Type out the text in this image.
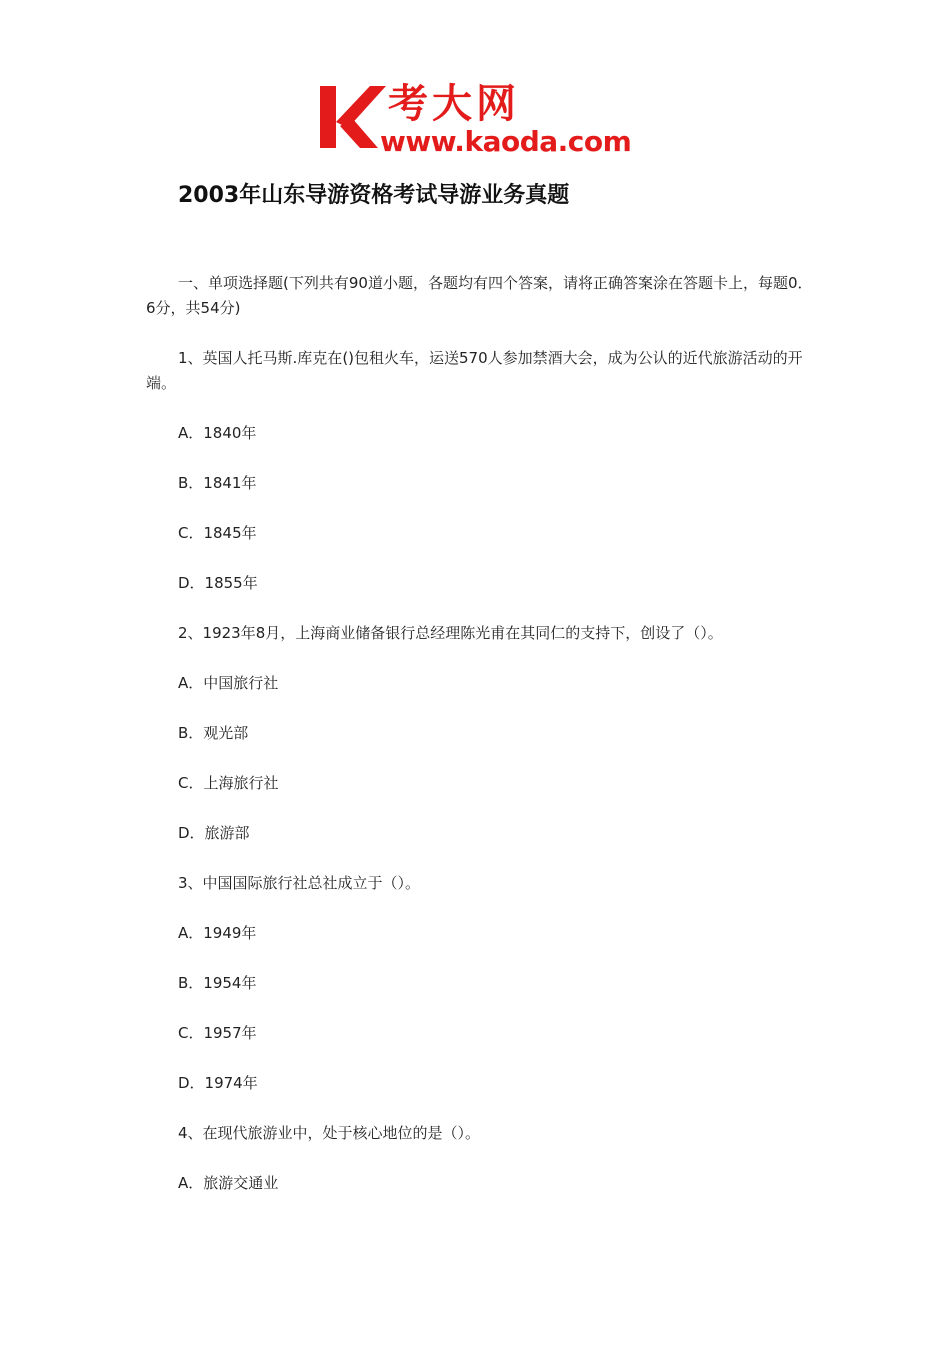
考大网
www.kaoda.com
2003年山东导游资格考试导游业务真题
一、单项选择题(下列共有90道小题，各题均有四个答案，请将正确答案涂在答题卡上，每题0．6分，共54分)
1、英国人托马斯.库克在()包租火车，运送570人参加禁酒大会，成为公认的近代旅游活动的开端。
A．1840年
B．1841年
C．1845年
D．1855年
2、1923年8月，上海商业储备银行总经理陈光甫在其同仁的支持下，创设了（）。
A．中国旅行社
B．观光部
C．上海旅行社
D．旅游部
3、中国国际旅行社总社成立于（）。
A．1949年
B．1954年
C．1957年
D．1974年
4、在现代旅游业中，处于核心地位的是（）。
A．旅游交通业
